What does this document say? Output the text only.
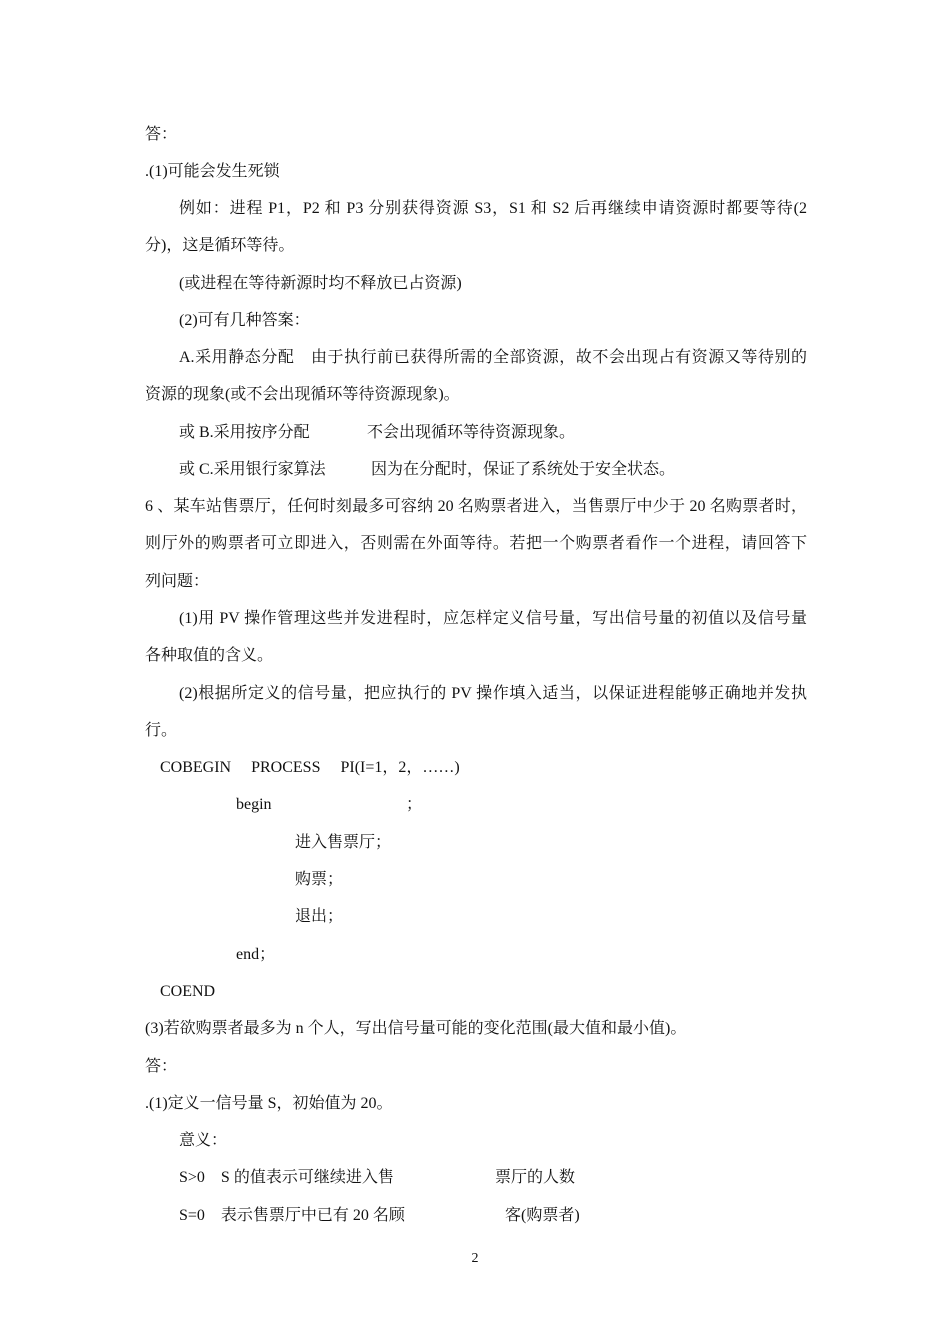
答：
.(1)可能会发生死锁
例如：进程 P1，P2 和 P3 分别获得资源 S3，S1 和 S2 后再继续申请资源时都要等待(2
分)，这是循环等待。
(或进程在等待新源时均不释放已占资源)
(2)可有几种答案：
A.采用静态分配　由于执行前已获得所需的全部资源，故不会出现占有资源又等待别的
资源的现象(或不会出现循环等待资源现象)。
或 B.采用按序分配	不会出现循环等待资源现象。
或 C.采用银行家算法	因为在分配时，保证了系统处于安全状态。
6 、某车站售票厅，任何时刻最多可容纳 20 名购票者进入，当售票厅中少于 20 名购票者时，
则厅外的购票者可立即进入，否则需在外面等待。若把一个购票者看作一个进程，请回答下
列问题：
(1)用 PV 操作管理这些并发进程时，应怎样定义信号量，写出信号量的初值以及信号量
各种取值的含义。
(2)根据所定义的信号量，把应执行的 PV 操作填入适当，以保证进程能够正确地并发执
行。
COBEGIN　 PROCESS　 PI(I=1，2，……)
begin	；
进入售票厅；
购票；
退出；
end；
COEND
(3)若欲购票者最多为 n 个人，写出信号量可能的变化范围(最大值和最小值)。
答：
.(1)定义一信号量 S，初始值为 20。
意义：
S>0　S 的值表示可继续进入售	票厅的人数
S=0　表示售票厅中已有 20 名顾	客(购票者)
2
